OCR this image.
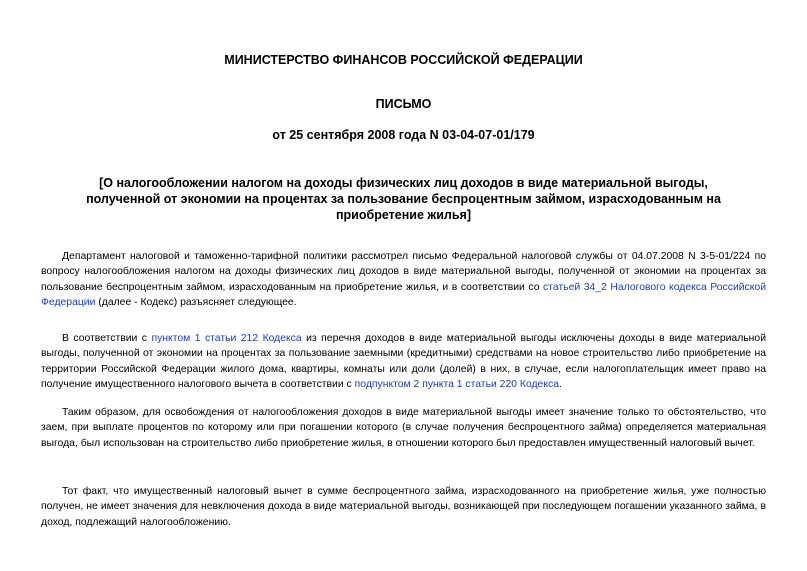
МИНИСТЕРСТВО ФИНАНСОВ РОССИЙСКОЙ ФЕДЕРАЦИИ
ПИСЬМО
от 25 сентября 2008 года N 03-04-07-01/179
[О налогообложении налогом на доходы физических лиц доходов в виде материальной выгоды, полученной от экономии на процентах за пользование беспроцентным займом, израсходованным на приобретение жилья]

Департамент налоговой и таможенно-тарифной политики рассмотрел письмо Федеральной налоговой службы от 04.07.2008 N 3-5-01/224 по вопросу налогообложения налогом на доходы физических лиц доходов в виде материальной выгоды, полученной от экономии на процентах за пользование беспроцентным займом, израсходованным на приобретение жилья, и в соответствии со статьей 34_2 Налогового кодекса Российской Федерации (далее - Кодекс) разъясняет следующее.

В соответствии с пунктом 1 статьи 212 Кодекса из перечня доходов в виде материальной выгоды исключены доходы в виде материальной выгоды, полученной от экономии на процентах за пользование заемными (кредитными) средствами на новое строительство либо приобретение на территории Российской Федерации жилого дома, квартиры, комнаты или доли (долей) в них, в случае, если налогоплательщик имеет право на получение имущественного налогового вычета в соответствии с подпунктом 2 пункта 1 статьи 220 Кодекса.

Таким образом, для освобождения от налогообложения доходов в виде материальной выгоды имеет значение только то обстоятельство, что заем, при выплате процентов по которому или при погашении которого (в случае получения беспроцентного займа) определяется материальная выгода, был использован на строительство либо приобретение жилья, в отношении которого был предоставлен имущественный налоговый вычет.

Тот факт, что имущественный налоговый вычет в сумме беспроцентного займа, израсходованного на приобретение жилья, уже полностью получен, не имеет значения для невключения дохода в виде материальной выгоды, возникающей при последующем погашении указанного займа, в доход, подлежащий налогообложению.
